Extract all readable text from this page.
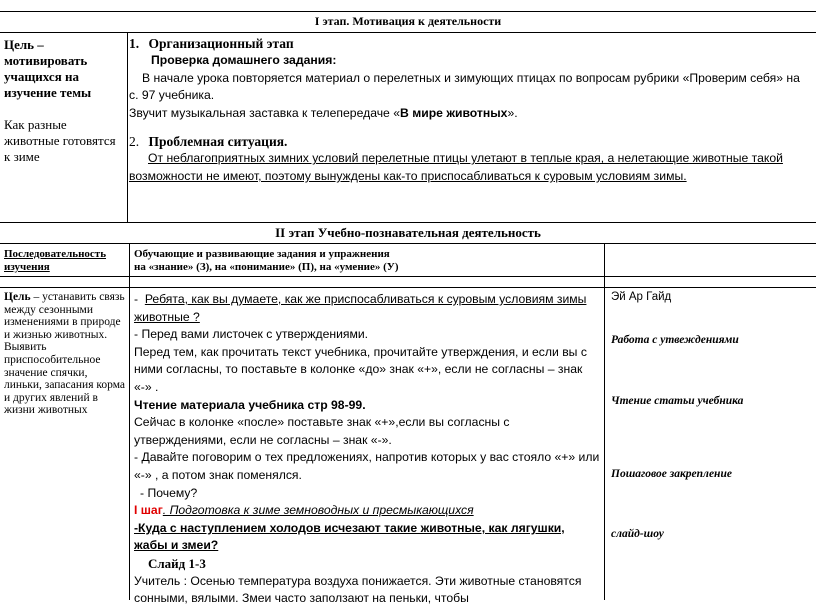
I этап. Мотивация к деятельности

Цель – мотивировать учащихся на изучение темы

Как разные животные готовятся к зиме

1. Организационный этап
Проверка домашнего задания:
В начале урока повторяется материал о перелетных и зимующих птицах по вопросам рубрики «Проверим себя» на с. 97 учебника.
Звучит музыкальная заставка к телепередаче «В мире животных».
2. Проблемная ситуация.
От неблагоприятных зимних условий перелетные птицы улетают в теплые края, а нелетающие животные такой возможности не имеют, поэтому вынуждены как-то приспосабливаться к суровым условиям зимы.
II этап Учебно-познавательная деятельность
Последовательность изучения

Обучающие и развивающие задания и упражнения

на «знание» (З), на «понимание» (П), на «умение» (У)

Цель – устанавить связь между сезонными изменениями в природе и жизнью животных. Выявить приспособительное значение спячки, линьки, запасания корма и других явлений в жизни животных

-  Ребята, как вы думаете, как же приспосабливаться к суровым условиям зимы животные ?

- Перед вами листочек с утверждениями.

Перед тем, как прочитать текст учебника, прочитайте утверждения, и если вы с ними согласны, то поставьте в колонке «до» знак «+», если не согласны – знак «-» .

Чтение материала учебника стр 98-99.

Сейчас в колонке «после» поставьте знак «+»,если вы согласны с утверждениями, если не согласны – знак «-».

- Давайте поговорим о тех предложениях, напротив которых у вас стояло «+» или «-» , а потом знак поменялся.

- Почему?

I шаг. Подготовка к зиме земноводных и пресмыкающихся

-Куда с наступлением холодов исчезают такие животные, как лягушки, жабы и змеи?

Слайд 1-3

Учитель : Осенью температура воздуха понижается. Эти животные становятся сонными, вялыми. Змеи часто заползают на пеньки, чтобы

Эй Ар Гайд
Работа с утвеждениями
Чтение статьи учебника
Пошаговое закрепление
слайд-шоу
